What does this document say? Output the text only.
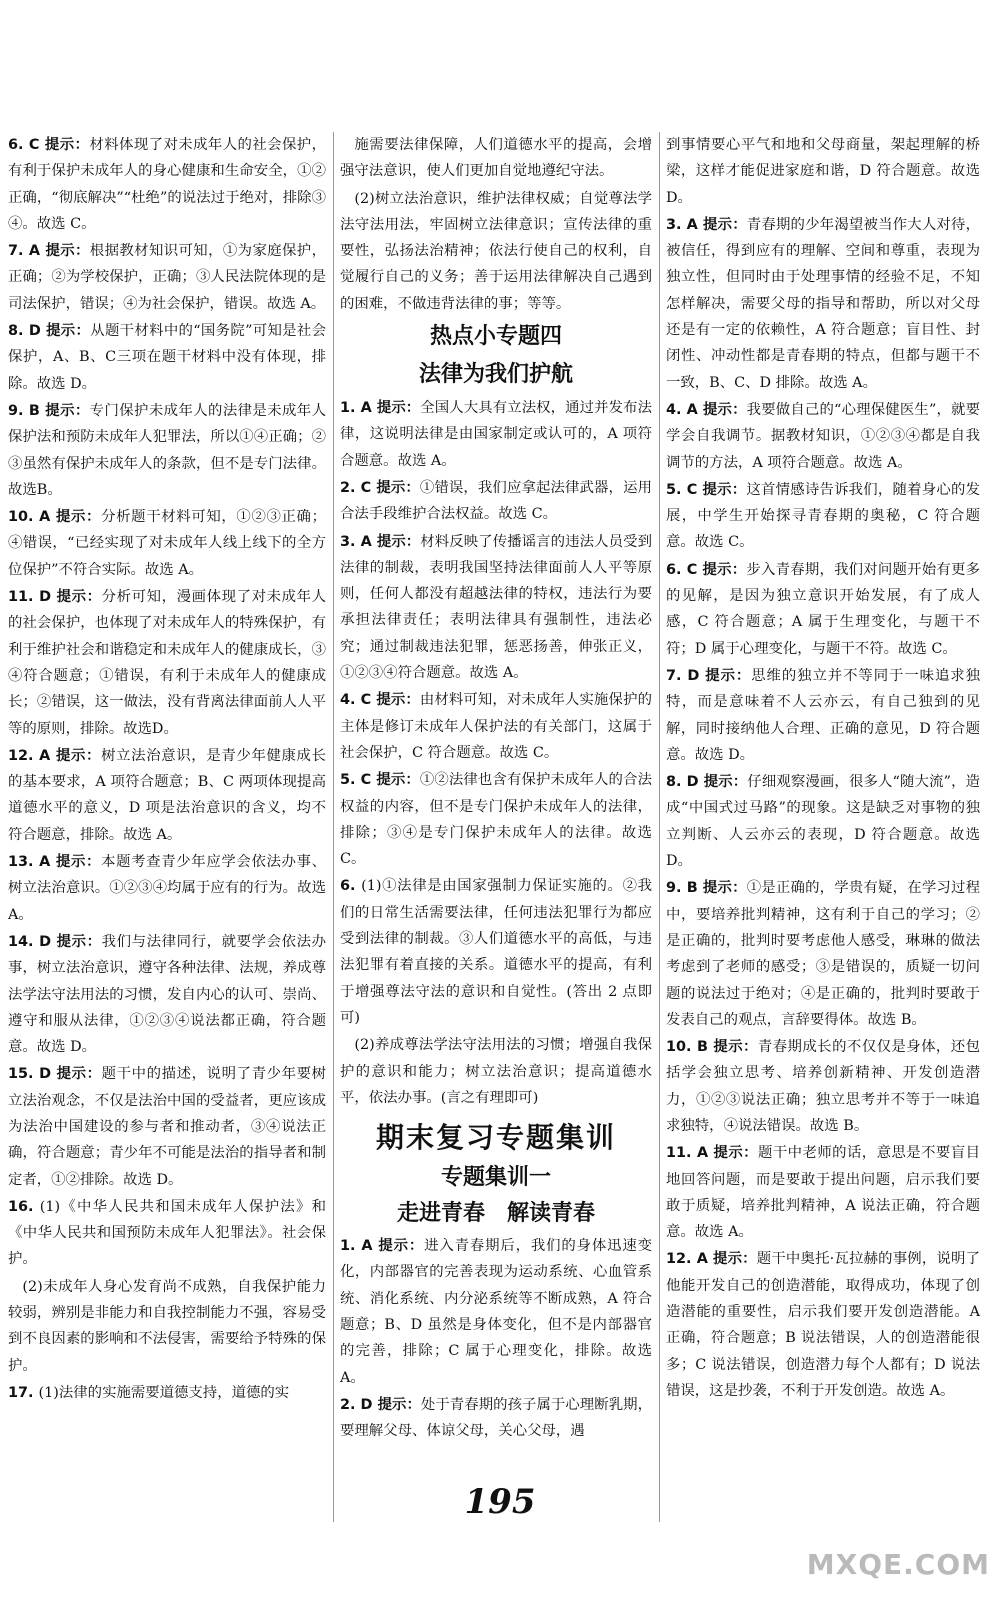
6. C 提示：材料体现了对未成年人的社会保护，有利于保护未成年人的身心健康和生命安全，①②正确，“彻底解决”“杜绝”的说法过于绝对，排除③④。故选 C。

7. A 提示：根据教材知识可知，①为家庭保护，正确；②为学校保护，正确；③人民法院体现的是司法保护，错误；④为社会保护，错误。故选 A。

8. D 提示：从题干材料中的“国务院”可知是社会保护，A、B、C三项在题干材料中没有体现，排除。故选 D。

9. B 提示：专门保护未成年人的法律是未成年人保护法和预防未成年人犯罪法，所以①④正确；②③虽然有保护未成年人的条款，但不是专门法律。故选B。

10. A 提示：分析题干材料可知，①②③正确；④错误，“已经实现了对未成年人线上线下的全方位保护”不符合实际。故选 A。

11. D 提示：分析可知，漫画体现了对未成年人的社会保护，也体现了对未成年人的特殊保护，有利于维护社会和谐稳定和未成年人的健康成长，③④符合题意；①错误，有利于未成年人的健康成长；②错误，这一做法，没有背离法律面前人人平等的原则，排除。故选D。

12. A 提示：树立法治意识，是青少年健康成长的基本要求，A 项符合题意；B、C 两项体现提高道德水平的意义，D 项是法治意识的含义，均不符合题意，排除。故选 A。

13. A 提示：本题考查青少年应学会依法办事、树立法治意识。①②③④均属于应有的行为。故选 A。

14. D 提示：我们与法律同行，就要学会依法办事，树立法治意识，遵守各种法律、法规，养成尊法学法守法用法的习惯，发自内心的认可、崇尚、遵守和服从法律，①②③④说法都正确，符合题意。故选 D。

15. D 提示：题干中的描述，说明了青少年要树立法治观念，不仅是法治中国的受益者，更应该成为法治中国建设的参与者和推动者，③④说法正确，符合题意；青少年不可能是法治的指导者和制定者，①②排除。故选 D。

16. (1)《中华人民共和国未成年人保护法》和《中华人民共和国预防未成年人犯罪法》。社会保护。

(2)未成年人身心发育尚不成熟，自我保护能力较弱，辨别是非能力和自我控制能力不强，容易受到不良因素的影响和不法侵害，需要给予特殊的保护。

17. (1)法律的实施需要道德支持，道德的实

施需要法律保障，人们道德水平的提高，会增强守法意识，使人们更加自觉地遵纪守法。

(2)树立法治意识，维护法律权威；自觉尊法学法守法用法，牢固树立法律意识；宣传法律的重要性，弘扬法治精神；依法行使自己的权利，自觉履行自己的义务；善于运用法律解决自己遇到的困难，不做违背法律的事；等等。

热点小专题四
法律为我们护航

1. A 提示：全国人大具有立法权，通过并发布法律，这说明法律是由国家制定或认可的，A 项符合题意。故选 A。

2. C 提示：①错误，我们应拿起法律武器，运用合法手段维护合法权益。故选 C。

3. A 提示：材料反映了传播谣言的违法人员受到法律的制裁，表明我国坚持法律面前人人平等原则，任何人都没有超越法律的特权，违法行为要承担法律责任；表明法律具有强制性，违法必究；通过制裁违法犯罪，惩恶扬善，伸张正义，①②③④符合题意。故选 A。

4. C 提示：由材料可知，对未成年人实施保护的主体是修订未成年人保护法的有关部门，这属于社会保护，C 符合题意。故选 C。

5. C 提示：①②法律也含有保护未成年人的合法权益的内容，但不是专门保护未成年人的法律，排除；③④是专门保护未成年人的法律。故选 C。

6. (1)①法律是由国家强制力保证实施的。②我们的日常生活需要法律，任何违法犯罪行为都应受到法律的制裁。③人们道德水平的高低，与违法犯罪有着直接的关系。道德水平的提高，有利于增强尊法守法的意识和自觉性。(答出 2 点即可)

(2)养成尊法学法守法用法的习惯；增强自我保护的意识和能力；树立法治意识；提高道德水平，依法办事。(言之有理即可)

期末复习专题集训
专题集训一
走进青春　解读青春

1. A 提示：进入青春期后，我们的身体迅速变化，内部器官的完善表现为运动系统、心血管系统、消化系统、内分泌系统等不断成熟，A 符合题意；B、D 虽然是身体变化，但不是内部器官的完善，排除；C 属于心理变化，排除。故选 A。

2. D 提示：处于青春期的孩子属于心理断乳期，要理解父母、体谅父母，关心父母，遇

到事情要心平气和地和父母商量，架起理解的桥梁，这样才能促进家庭和谐，D 符合题意。故选 D。

3. A 提示：青春期的少年渴望被当作大人对待，被信任，得到应有的理解、空间和尊重，表现为独立性，但同时由于处理事情的经验不足，不知怎样解决，需要父母的指导和帮助，所以对父母还是有一定的依赖性，A 符合题意；盲目性、封闭性、冲动性都是青春期的特点，但都与题干不一致，B、C、D 排除。故选 A。

4. A 提示：我要做自己的“心理保健医生”，就要学会自我调节。据教材知识，①②③④都是自我调节的方法，A 项符合题意。故选 A。

5. C 提示：这首情感诗告诉我们，随着身心的发展，中学生开始探寻青春期的奥秘，C 符合题意。故选 C。

6. C 提示：步入青春期，我们对问题开始有更多的见解，是因为独立意识开始发展，有了成人感，C 符合题意；A 属于生理变化，与题干不符；D 属于心理变化，与题干不符。故选 C。

7. D 提示：思维的独立并不等同于一味追求独特，而是意味着不人云亦云，有自己独到的见解，同时接纳他人合理、正确的意见，D 符合题意。故选 D。

8. D 提示：仔细观察漫画，很多人“随大流”，造成“中国式过马路”的现象。这是缺乏对事物的独立判断、人云亦云的表现，D 符合题意。故选 D。

9. B 提示：①是正确的，学贵有疑，在学习过程中，要培养批判精神，这有利于自己的学习；②是正确的，批判时要考虑他人感受，琳琳的做法考虑到了老师的感受；③是错误的，质疑一切问题的说法过于绝对；④是正确的，批判时要敢于发表自己的观点，言辞要得体。故选 B。

10. B 提示：青春期成长的不仅仅是身体，还包括学会独立思考、培养创新精神、开发创造潜力，①②③说法正确；独立思考并不等于一味追求独特，④说法错误。故选 B。

11. A 提示：题干中老师的话，意思是不要盲目地回答问题，而是要敢于提出问题，启示我们要敢于质疑，培养批判精神，A 说法正确，符合题意。故选 A。

12. A 提示：题干中奥托·瓦拉赫的事例，说明了他能开发自己的创造潜能，取得成功，体现了创造潜能的重要性，启示我们要开发创造潜能。A 正确，符合题意；B 说法错误，人的创造潜能很多；C 说法错误，创造潜力每个人都有；D 说法错误，这是抄袭，不利于开发创造。故选 A。

195
MXQE.COM
